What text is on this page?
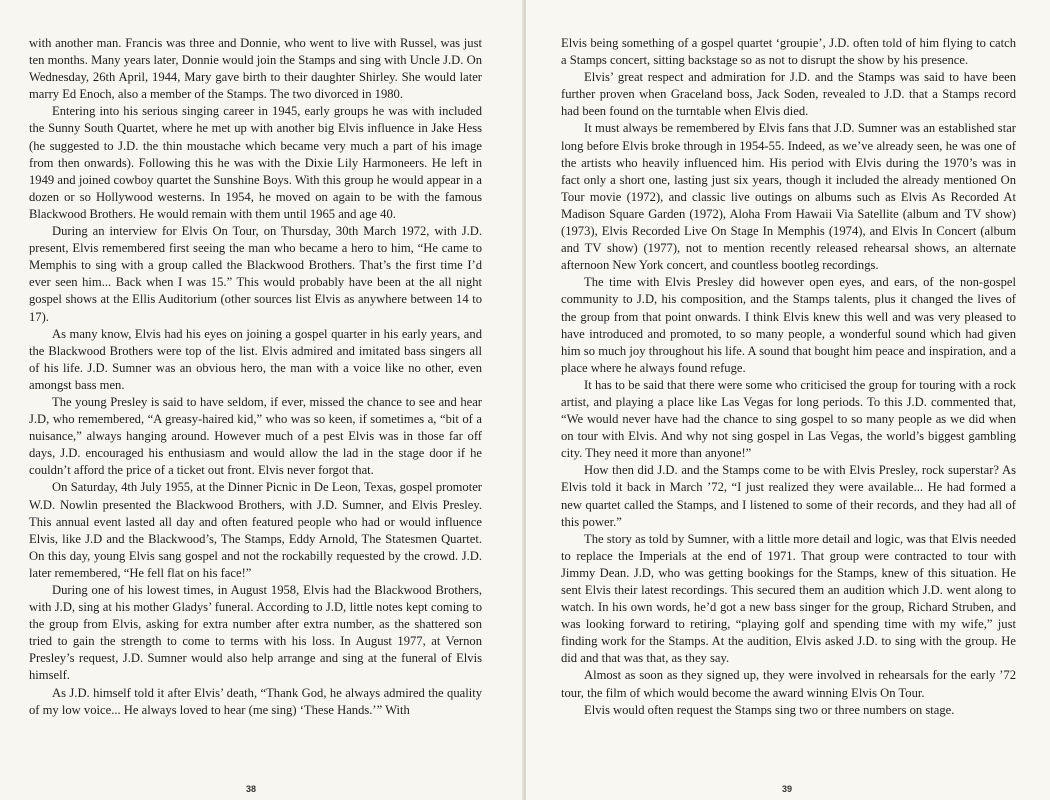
with another man. Francis was three and Donnie, who went to live with Russel, was just ten months. Many years later, Donnie would join the Stamps and sing with Uncle J.D. On Wednesday, 26th April, 1944, Mary gave birth to their daughter Shirley. She would later marry Ed Enoch, also a member of the Stamps. The two divorced in 1980.

Entering into his serious singing career in 1945, early groups he was with included the Sunny South Quartet, where he met up with another big Elvis influence in Jake Hess (he suggested to J.D. the thin moustache which became very much a part of his image from then onwards). Following this he was with the Dixie Lily Harmoneers. He left in 1949 and joined cowboy quartet the Sunshine Boys. With this group he would appear in a dozen or so Hollywood westerns. In 1954, he moved on again to be with the famous Blackwood Brothers. He would remain with them until 1965 and age 40.

During an interview for Elvis On Tour, on Thursday, 30th March 1972, with J.D. present, Elvis remembered first seeing the man who became a hero to him, “He came to Memphis to sing with a group called the Blackwood Brothers. That’s the first time I’d ever seen him... Back when I was 15.” This would probably have been at the all night gospel shows at the Ellis Auditorium (other sources list Elvis as anywhere between 14 to 17).

As many know, Elvis had his eyes on joining a gospel quarter in his early years, and the Blackwood Brothers were top of the list. Elvis admired and imitated bass singers all of his life. J.D. Sumner was an obvious hero, the man with a voice like no other, even amongst bass men.

The young Presley is said to have seldom, if ever, missed the chance to see and hear J.D, who remembered, “A greasy-haired kid,” who was so keen, if sometimes a, “bit of a nuisance,” always hanging around. However much of a pest Elvis was in those far off days, J.D. encouraged his enthusiasm and would allow the lad in the stage door if he couldn’t afford the price of a ticket out front. Elvis never forgot that.

On Saturday, 4th July 1955, at the Dinner Picnic in De Leon, Texas, gospel promoter W.D. Nowlin presented the Blackwood Brothers, with J.D. Sumner, and Elvis Presley. This annual event lasted all day and often featured people who had or would influence Elvis, like J.D and the Blackwood’s, The Stamps, Eddy Arnold, The Statesmen Quartet. On this day, young Elvis sang gospel and not the rockabilly requested by the crowd. J.D. later remembered, “He fell flat on his face!”

During one of his lowest times, in August 1958, Elvis had the Blackwood Brothers, with J.D, sing at his mother Gladys’ funeral. According to J.D, little notes kept coming to the group from Elvis, asking for extra number after extra number, as the shattered son tried to gain the strength to come to terms with his loss. In August 1977, at Vernon Presley’s request, J.D. Sumner would also help arrange and sing at the funeral of Elvis himself.

As J.D. himself told it after Elvis’ death, “Thank God, he always admired the quality of my low voice... He always loved to hear (me sing) ‘These Hands.’” With

38

Elvis being something of a gospel quartet ‘groupie’, J.D. often told of him flying to catch a Stamps concert, sitting backstage so as not to disrupt the show by his presence.

Elvis’ great respect and admiration for J.D. and the Stamps was said to have been further proven when Graceland boss, Jack Soden, revealed to J.D. that a Stamps record had been found on the turntable when Elvis died.

It must always be remembered by Elvis fans that J.D. Sumner was an established star long before Elvis broke through in 1954-55. Indeed, as we’ve already seen, he was one of the artists who heavily influenced him. His period with Elvis during the 1970’s was in fact only a short one, lasting just six years, though it included the already mentioned On Tour movie (1972), and classic live outings on albums such as Elvis As Recorded At Madison Square Garden (1972), Aloha From Hawaii Via Satellite (album and TV show) (1973), Elvis Recorded Live On Stage In Memphis (1974), and Elvis In Concert (album and TV show) (1977), not to mention recently released rehearsal shows, an alternate afternoon New York concert, and countless bootleg recordings.

The time with Elvis Presley did however open eyes, and ears, of the non-gospel community to J.D, his composition, and the Stamps talents, plus it changed the lives of the group from that point onwards. I think Elvis knew this well and was very pleased to have introduced and promoted, to so many people, a wonderful sound which had given him so much joy throughout his life. A sound that bought him peace and inspiration, and a place where he always found refuge.

It has to be said that there were some who criticised the group for touring with a rock artist, and playing a place like Las Vegas for long periods. To this J.D. commented that, “We would never have had the chance to sing gospel to so many people as we did when on tour with Elvis. And why not sing gospel in Las Vegas, the world’s biggest gambling city. They need it more than anyone!”

How then did J.D. and the Stamps come to be with Elvis Presley, rock superstar? As Elvis told it back in March ’72, “I just realized they were available... He had formed a new quartet called the Stamps, and I listened to some of their records, and they had all of this power.”

The story as told by Sumner, with a little more detail and logic, was that Elvis needed to replace the Imperials at the end of 1971. That group were contracted to tour with Jimmy Dean. J.D, who was getting bookings for the Stamps, knew of this situation. He sent Elvis their latest recordings. This secured them an audition which J.D. went along to watch. In his own words, he’d got a new bass singer for the group, Richard Struben, and was looking forward to retiring, “playing golf and spending time with my wife,” just finding work for the Stamps. At the audition, Elvis asked J.D. to sing with the group. He did and that was that, as they say.

Almost as soon as they signed up, they were involved in rehearsals for the early ’72 tour, the film of which would become the award winning Elvis On Tour.

Elvis would often request the Stamps sing two or three numbers on stage.

39
